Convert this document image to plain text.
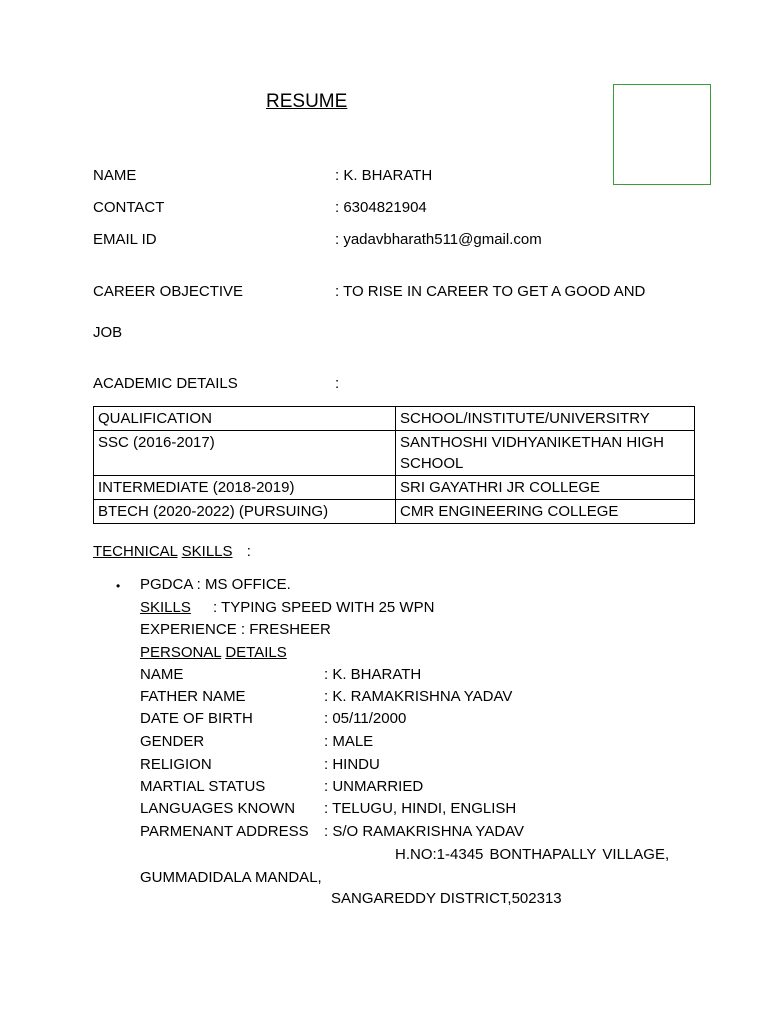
RESUME
NAME	: K. BHARATH
CONTACT	: 6304821904
EMAIL ID	: yadavbharath511@gmail.com
CAREER OBJECTIVE	: TO RISE IN CAREER TO GET A GOOD AND
JOB
ACADEMIC DETAILS	:
QUALIFICATION	SCHOOL/INSTITUTE/UNIVERSITRY
SSC (2016-2017)	SANTHOSHI VIDHYANIKETHAN HIGH SCHOOL
INTERMEDIATE (2018-2019)	SRI GAYATHRI JR COLLEGE
BTECH (2020-2022) (PURSUING)	CMR ENGINEERING COLLEGE
TECHNICAL SKILLS :
• PGDCA : MS OFFICE.
SKILLS : TYPING SPEED WITH 25 WPN
EXPERIENCE : FRESHEER
PERSONAL DETAILS
NAME	: K. BHARATH
FATHER NAME	: K. RAMAKRISHNA YADAV
DATE OF BIRTH	: 05/11/2000
GENDER	: MALE
RELIGION	: HINDU
MARTIAL STATUS	: UNMARRIED
LANGUAGES KNOWN : TELUGU, HINDI, ENGLISH
PARMENANT ADDRESS : S/O RAMAKRISHNA YADAV
H.NO:1-4345 BONTHAPALLY VILLAGE,
GUMMADIDALA MANDAL,
SANGAREDDY DISTRICT,502313
